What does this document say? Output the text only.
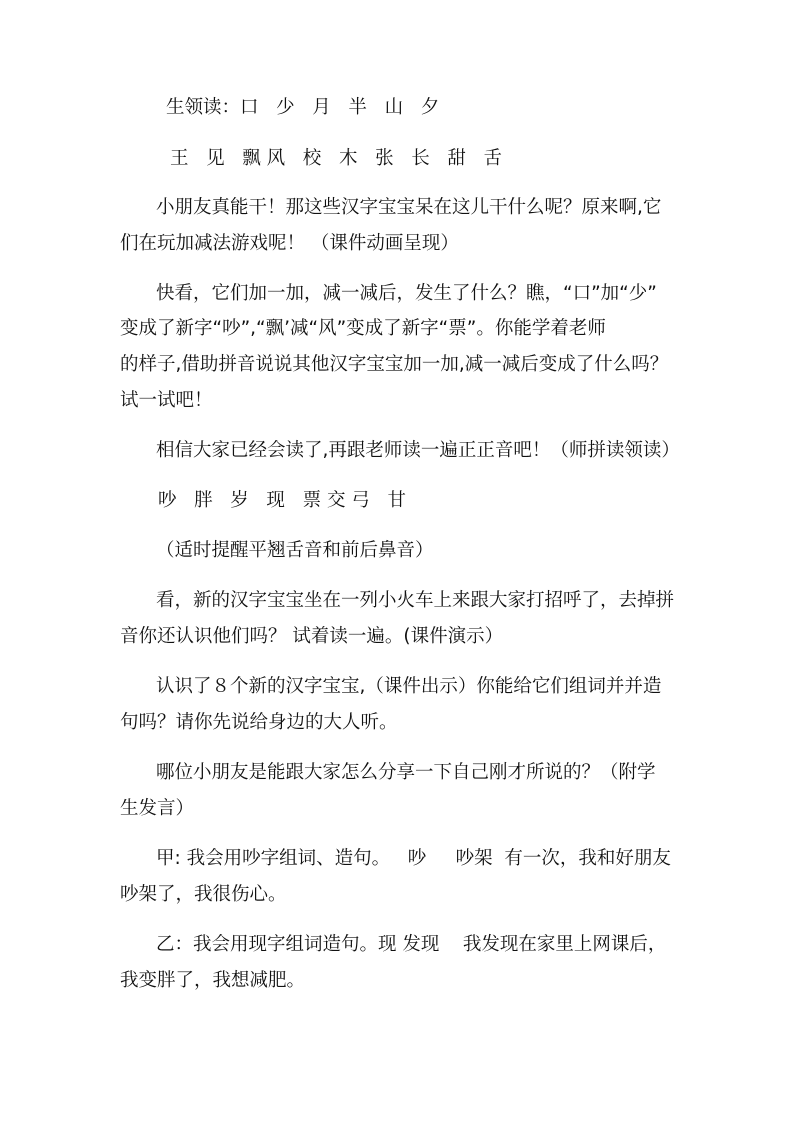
生领读：口   少   月   半   山   夕
王   见   飘 风   校   木   张   长   甜   舌
小朋友真能干！那这些汉字宝宝呆在这儿干什么呢？原来啊,它
们在玩加减法游戏呢！ （课件动画呈现）
快看，它们加一加，减一减后，发生了什么？瞧，“口”加“少”
变成了新字“吵”,“飘’减“风”变成了新字“票”。你能学着老师
的样子,借助拼音说说其他汉字宝宝加一加,减一减后变成了什么吗？
试一试吧！
相信大家已经会读了,再跟老师读一遍正正音吧！（师拼读领读）
吵   胖   岁   现   票 交 弓   甘
（适时提醒平翘舌音和前后鼻音）
看，新的汉字宝宝坐在一列小火车上来跟大家打招呼了，去掉拼
音你还认识他们吗？ 试着读一遍。(课件演示）
认识了８个新的汉字宝宝,（课件出示）你能给它们组词并并造
句吗？请你先说给身边的大人听。
哪位小朋友是能跟大家怎么分享一下自己刚才所说的？（附学
生发言）
甲: 我会用吵字组词、造句。   吵     吵架  有一次，我和好朋友
吵架了，我很伤心。
乙：我会用现字组词造句。现 发现    我发现在家里上网课后，
我变胖了，我想减肥。
